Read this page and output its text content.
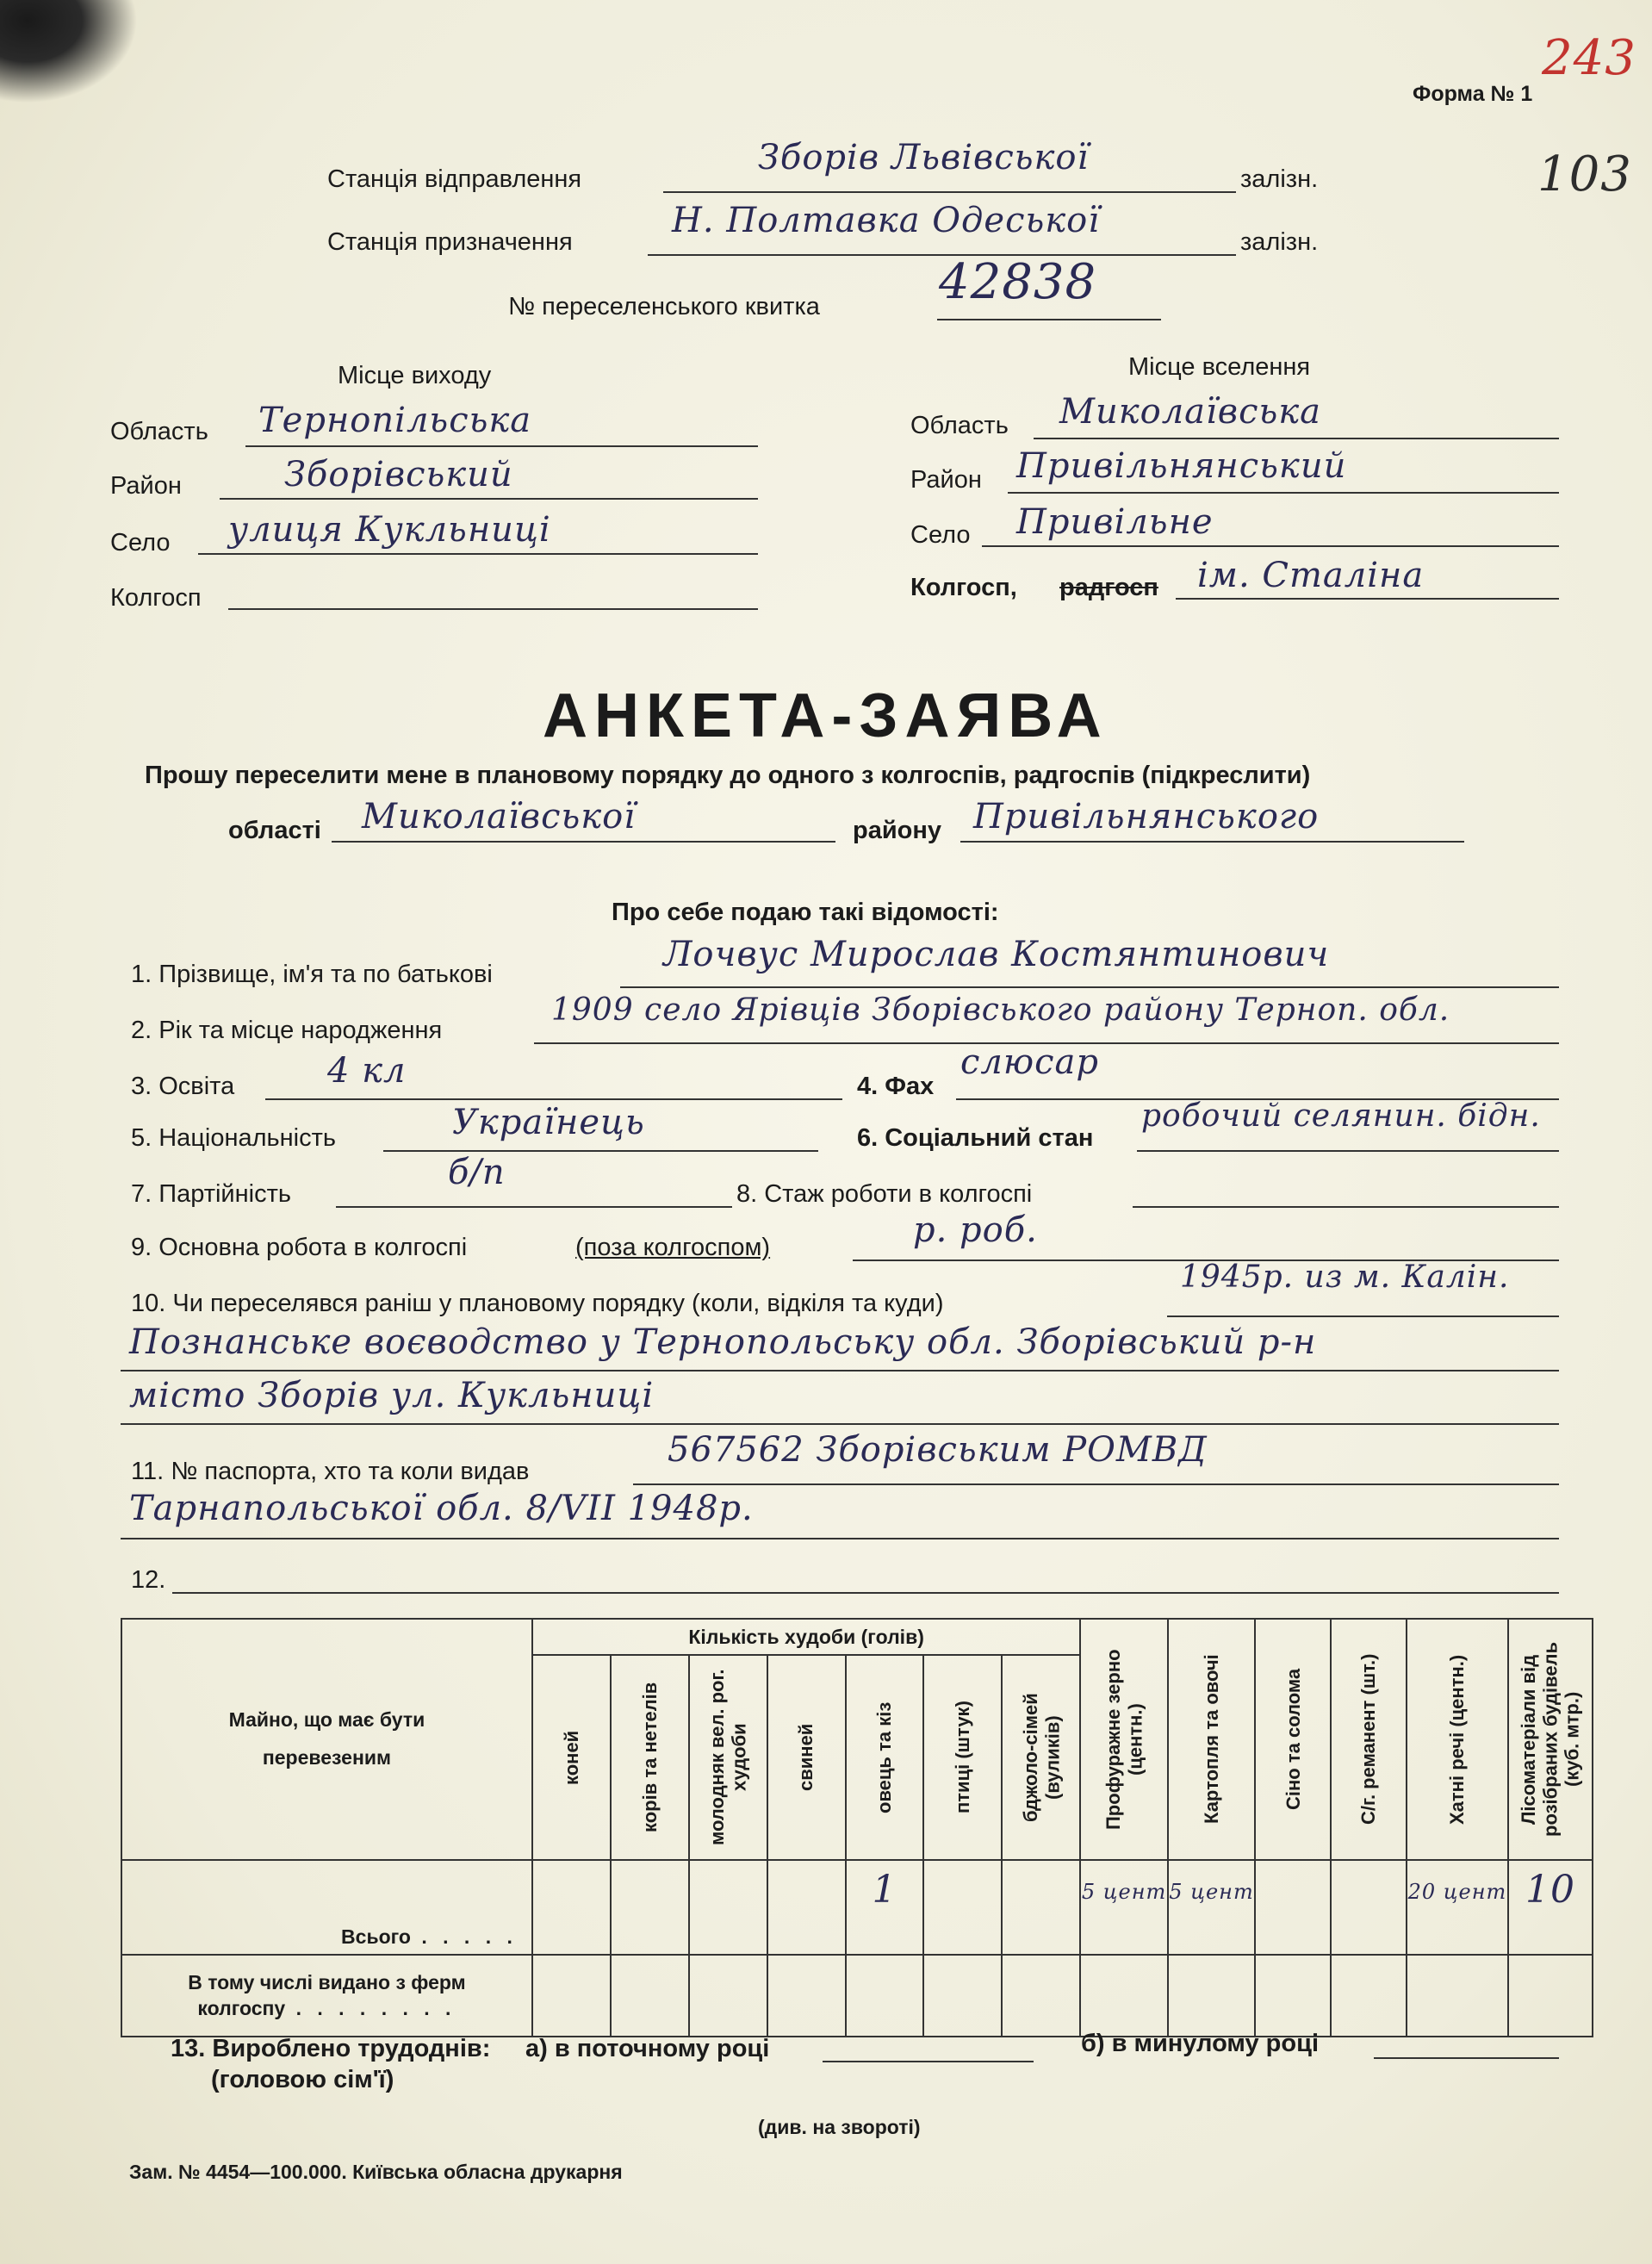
Форма № 1
243
103
Станція відправлення
Зборів Львівської
залізн.
Станція призначення
Н. Полтавка Одеської
залізн.
№ переселенського квитка 42838
Місце виходу
Область Тернопільська
Район	Зборівський
Село улиця Кукльниці
Колгосп
Місце вселення
Область Миколаївська
Район Привільнянський
Село Привільне
Колгосп, радгосп ім. Сталіна
АНКЕТА-ЗАЯВА
Прошу переселити мене в плановому порядку до одного з колгоспів, радгоспів (підкреслити)
області Миколаївської	району Привільнянського
Про себе подаю такі відомості:
1. Прізвище, ім'я та по батькові	Лочвус Мирослав Костянтинович
2. Рік та місце народження
1909 село Ярівців Зборівського району Терноп. обл.
3. Освіта	4 кл	4. Фах
слюсар
5. Національність	Українець	6. Соціальний стан
робочий селянин. бідн.
7. Партійність
б/п
8. Стаж роботи в колгоспі
9. Основна робота в колгоспі	(поза колгоспом)	р. роб.
10. Чи переселявся раніш у плановому порядку (коли, відкіля та куди)
1945р. из м. Калін.
Познанське воєводство у Тернопольську обл. Зборівський р-н
місто Зборів ул. Кукльниці
11. № паспорта, хто та коли видав
567562 Зборівським РОМВД
Тарнапольської обл. 8/VII 1948р.
12.
Майно, що має бути перевезеним	Кількість худоби (голів)							Профуражне зерно (центн.)	Картопля та овочі	Сіно та солома	С/г. реманент (шт.)	Хатні речі (центн.)	Лісоматеріали від розібраних будівель (куб. мтр.)

	коней	корів та нетелів	молодняк вел. рог. худоби	свиней	овець та кіз	птиці (штук)	бджоло-сімей (вуликів)						

Всього . . . . .					1			5 цент	5 цент			20 цент	10

В тому числі видано з ферм колгоспу . . . . . . . .													

13. Вироблено трудоднів:
(головою сім'ї)
а) в поточному році	б) в минулому році
(див. на звороті)
Зам. № 4454—100.000. Київська обласна друкарня
